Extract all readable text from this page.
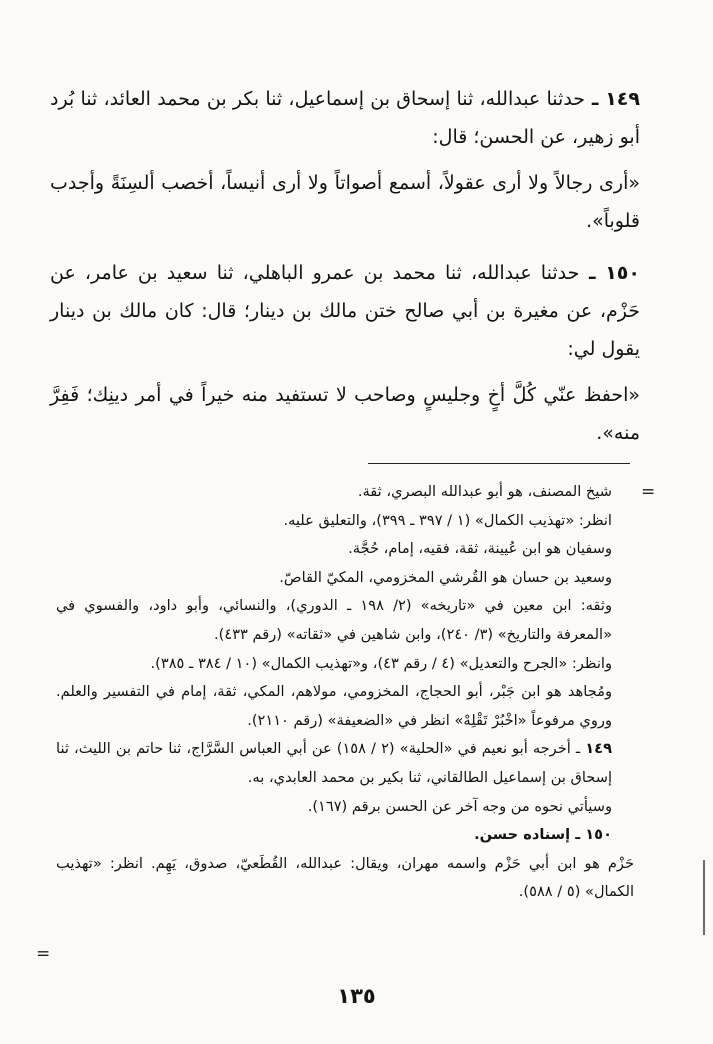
١٤٩ ـ حدثنا عبدالله، ثنا إسحاق بن إسماعيل، ثنا بكر بن محمد العائد، ثنا بُرد أبو زهير، عن الحسن؛ قال:

«أرى رجالاً ولا أرى عقولاً، أسمع أصواتاً ولا أرى أنيساً، أخصب ألسِنَةً وأجدب قلوباً».

١٥٠ ـ حدثنا عبدالله، ثنا محمد بن عمرو الباهلي، ثنا سعيد بن عامر، عن حَزْم، عن مغيرة بن أبي صالح ختن مالك بن دينار؛ قال: كان مالك بن دينار يقول لي:

«احفظ عنّي كُلَّ أخٍ وجليسٍ وصاحب لا تستفيد منه خيراً في أمر دينِك؛ فَفِرَّ منه».

شيخ المصنف، هو أبو عبدالله البصري، ثقة.

انظر: «تهذيب الكمال» (١ / ٣٩٧ ـ ٣٩٩)، والتعليق عليه.

وسفيان هو ابن عُيينة، ثقة، فقيه، إمام، حُجَّة.

وسعيد بن حسان هو القُرشي المخزومي، المكيّ القاصّ.

وثقه: ابن معين في «تاريخه» (٢/ ١٩٨ ـ الدوري)، والنسائي، وأبو داود، والفسوي في «المعرفة والتاريخ» (٣/ ٢٤٠)، وابن شاهين في «ثقاته» (رقم ٤٣٣).

وانظر: «الجرح والتعديل» (٤ / رقم ٤٣)، و«تهذيب الكمال» (١٠ / ٣٨٤ ـ ٣٨٥).

ومُجاهد هو ابن جَبْر، أبو الحجاج، المخزومي، مولاهم، المكي، ثقة، إمام في التفسير والعلم. وروي مرفوعاً «اخْبُرْ تَقْلِهْ» انظر في «الضعيفة» (رقم ٢١١٠).

١٤٩ ـ أخرجه أبو نعيم في «الحلية» (٢ / ١٥٨) عن أبي العباس السَّرَّاج، ثنا حاتم بن الليث، ثنا إسحاق بن إسماعيل الطالقاني، ثنا بكير بن محمد العابدي، به.

وسيأتي نحوه من وجه آخر عن الحسن برقم (١٦٧).

١٥٠ ـ إسناده حسن.

حَزْم هو ابن أبي حَزْم واسمه مهران، ويقال: عبدالله، القُطَعيّ، صدوق، يَهِم. انظر: «تهذيب الكمال» (٥ / ٥٨٨).

=
=
١٣٥
